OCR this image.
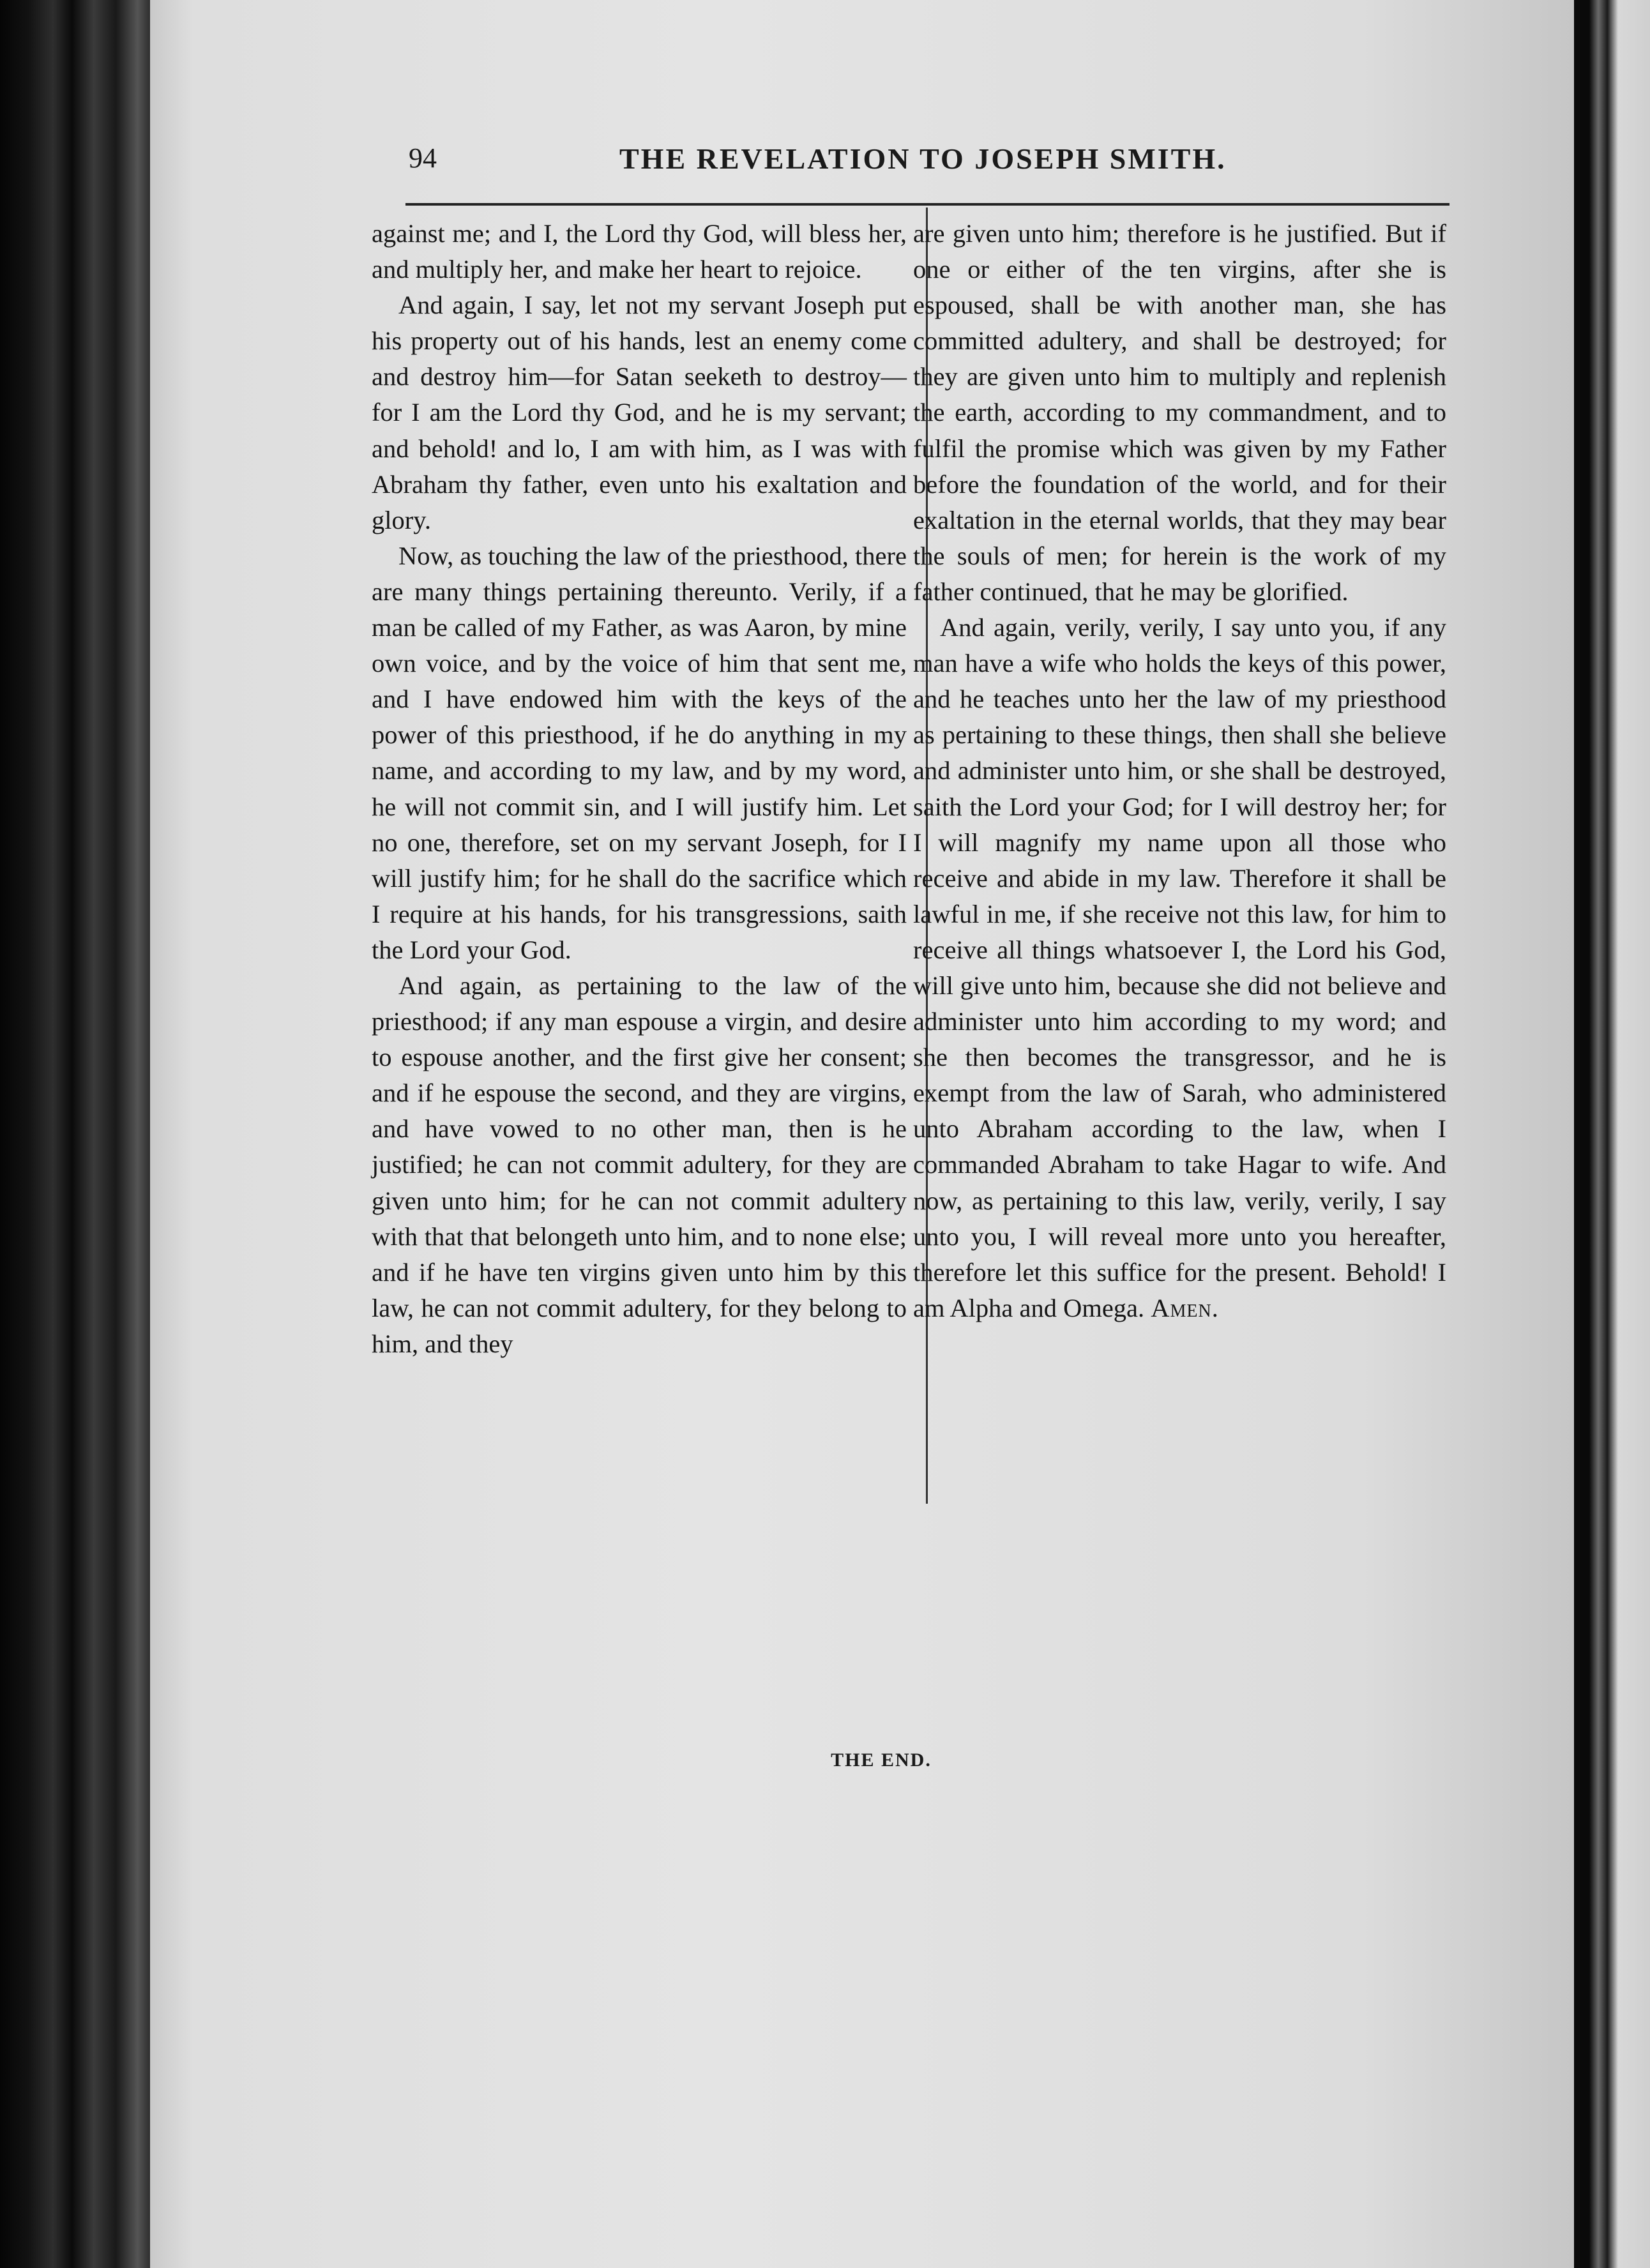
94	THE REVELATION TO JOSEPH SMITH.

against me; and I, the Lord thy God, will bless her, and multiply her, and make her heart to rejoice.

And again, I say, let not my servant Joseph put his property out of his hands, lest an enemy come and destroy him—for Satan seeketh to destroy—for I am the Lord thy God, and he is my servant; and behold! and lo, I am with him, as I was with Abraham thy father, even unto his exaltation and glory.

Now, as touching the law of the priesthood, there are many things pertaining thereunto. Verily, if a man be called of my Father, as was Aaron, by mine own voice, and by the voice of him that sent me, and I have endowed him with the keys of the power of this priesthood, if he do anything in my name, and according to my law, and by my word, he will not commit sin, and I will justify him. Let no one, therefore, set on my servant Joseph, for I will justify him; for he shall do the sacrifice which I require at his hands, for his transgressions, saith the Lord your God.

And again, as pertaining to the law of the priesthood; if any man espouse a virgin, and desire to espouse another, and the first give her consent; and if he espouse the second, and they are virgins, and have vowed to no other man, then is he justified; he can not commit adultery, for they are given unto him; for he can not commit adultery with that that belongeth unto him, and to none else; and if he have ten virgins given unto him by this law, he can not commit adultery, for they belong to him, and they

are given unto him; therefore is he justified. But if one or either of the ten virgins, after she is espoused, shall be with another man, she has committed adultery, and shall be destroyed; for they are given unto him to multiply and replenish the earth, according to my commandment, and to fulfil the promise which was given by my Father before the foundation of the world, and for their exaltation in the eternal worlds, that they may bear the souls of men; for herein is the work of my father continued, that he may be glorified.

And again, verily, verily, I say unto you, if any man have a wife who holds the keys of this power, and he teaches unto her the law of my priesthood as pertaining to these things, then shall she believe and administer unto him, or she shall be destroyed, saith the Lord your God; for I will destroy her; for I will magnify my name upon all those who receive and abide in my law. Therefore it shall be lawful in me, if she receive not this law, for him to receive all things whatsoever I, the Lord his God, will give unto him, because she did not believe and administer unto him according to my word; and she then becomes the transgressor, and he is exempt from the law of Sarah, who administered unto Abraham according to the law, when I commanded Abraham to take Hagar to wife. And now, as pertaining to this law, verily, verily, I say unto you, I will reveal more unto you hereafter, therefore let this suffice for the present. Behold! I am Alpha and Omega. Amen.

THE END.
